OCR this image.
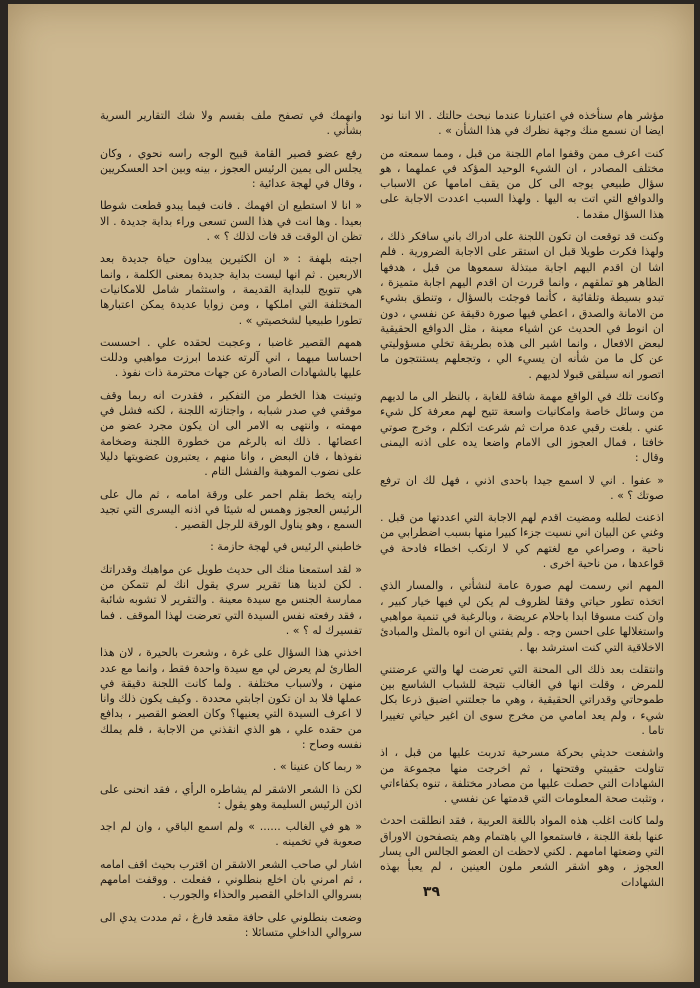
مؤشر هام سنأخذه في اعتبارنا عندما نبحث حالتك . الا اننا نود ايضا ان نسمع منك وجهة نظرك في هذا الشأن » .

كنت اعرف ممن وقفوا امام اللجنة من قبل ، ومما سمعته من مختلف المصادر ، ان الشيء الوحيد المؤكد في عملهما ، هو سؤال طبيعي يوجه الى كل من يقف امامها عن الاسباب والدوافع التي اتت به اليها . ولهذا السبب اعددت الاجابة على هذا السؤال مقدما .

وكنت قد توقعت ان تكون اللجنة على ادراك باني سافكر ذلك ، ولهذا فكرت طويلا قبل ان استقر على الاجابة الضرورية . فلم اشا ان اقدم اليهم اجابة مبتذلة سمعوها من قبل ، هدفها الظاهر هو تملقهم ، وانما قررت ان اقدم اليهم اجابة متميزة ، تبدو بسيطة وتلقائية ، كأنما فوجئت بالسؤال ، وتنطق بشيء من الامانة والصدق ، اعطي فيها صورة دقيقة عن نفسي ، دون ان انوط في الحديث عن اشياء معينة ، مثل الدوافع الحقيقية لبعض الافعال ، وانما اشير الى هذه بطريقة تخلي مسؤوليتي عن كل ما من شأنه ان يسيء الي ، وتجعلهم يستنتجون ما اتصور انه سيلقى قبولا لديهم .

وكانت تلك في الواقع مهمة شاقة للغاية ، بالنظر الى ما لديهم من وسائل خاصة وامكانيات واسعة تتيح لهم معرفة كل شيء عني . بلغت رقبي عدة مرات ثم شرعت اتكلم ، وخرج صوتي خافتا ، فمال العجوز الى الامام واضعا يده على اذنه اليمنى وقال :

« عفوا . اني لا اسمع جيدا باحدى اذني ، فهل لك ان ترفع صوتك ؟ » .

اذعنت لطلبه ومضيت اقدم لهم الاجابة التي اعددتها من قبل . وغني عن البيان اني نسيت جزءا كبيرا منها بسبب اضطرابي من ناحية ، وصراعي مع لغتهم كي لا ارتكب اخطاء فادحة في قواعدها ، من ناحية اخرى .

المهم اني رسمت لهم صورة عامة لنشأتي ، والمسار الذي اتخذه تطور حياتي وفقا لظروف لم يكن لي فيها خيار كبير ، وان كنت مسوقا ابدا باحلام عريضة ، وبالرغبة في تنمية مواهبي واستغلالها على احسن وجه . ولم يفتني ان انوه بالمثل والمبادئ الاخلاقية التي كنت استرشد بها .

وانتقلت بعد ذلك الى المحنة التي تعرضت لها والتي عرضتني للمرض ، وقلت انها في الغالب نتيجة للشباب الشاسع بين طموحاتي وقدراتي الحقيقية ، وهي ما جعلتني اضيق ذرعا بكل شيء ، ولم يعد امامي من مخرج سوى ان اغير حياتي تغييرا تاما .

واشفعت حديثي بحركة مسرحية تدربت عليها من قبل ، اذ تناولت حقيبتي وفتحتها ، ثم اخرجت منها مجموعة من الشهادات التي حصلت عليها من مصادر مختلفة ، تنوه بكفاءاتي ، وتثبت صحة المعلومات التي قدمتها عن نفسي .

ولما كانت اغلب هذه المواد باللغة العربية ، فقد انطلقت احدث عنها بلغة اللجنة ، فاستمعوا الي باهتمام وهم يتصفحون الاوراق التي وضعتها امامهم . لكني لاحظت ان العضو الجالس الى يسار العجوز ، وهو اشقر الشعر ملون العينين ، لم يعبأ بهذه الشهادات

وانهمك في تصفح ملف بقسم ولا شك التقارير السرية بشأني .

رفع عضو قصير القامة قبيح الوجه راسه نحوي ، وكان يجلس الى يمين الرئيس العجوز ، بينه وبين احد العسكريين ، وقال في لهجة عدائية :

« انا لا استطيع ان افهمك . فانت فيما يبدو قطعت شوطا بعيدا . وها انت في هذا السن تسعى وراء بداية جديدة . الا تظن ان الوقت قد فات لذلك ؟ » .

اجبته بلهفة : « ان الكثيرين يبداون حياة جديدة بعد الاربعين . ثم انها ليست بداية جديدة بمعنى الكلمة ، وانما هي تتويج للبداية القديمة ، واستثمار شامل للامكانيات المختلفة التي املكها ، ومن زوايا عديدة يمكن اعتبارها تطورا طبيعيا لشخصيتي » .

همهم القصير غاضبا ، وعجبت لحقده علي . احسست احساسا مبهما ، اني آلرته عندما ابرزت مواهبي ودللت عليها بالشهادات الصادرة عن جهات محترمة ذات نفوذ .

وتبينت هذا الخطر من التفكير ، فقدرت انه ربما وقف موقفي في صدر شبابه ، واجتازته اللجنة ، لكنه فشل في مهمته ، وانتهى به الامر الى ان يكون مجرد عضو من اعضائها . ذلك انه بالرغم من خطورة اللجنة وضخامة نفوذها ، فان البعض ، وانا منهم ، يعتبرون عضويتها دليلا على نضوب الموهبة والفشل التام .

رايته يخط بقلم احمر على ورقة امامه ، ثم مال على الرئيس العجوز وهمس له شيئا في اذنه اليسرى التي تجيد السمع ، وهو يناول الورقة للرجل القصير .

خاطبني الرئيس في لهجة حازمة :

« لقد استمعنا منك الى حديث طويل عن مواهبك وقدراتك . لكن لدينا هنا تقرير سري يقول انك لم تتمكن من ممارسة الجنس مع سيدة معينة . والتقرير لا تشوبه شائبة ، فقد رفعته نفس السيدة التي تعرضت لهذا الموقف . فما تفسيرك له ؟ » .

اخذني هذا السؤال على غرة ، وشعرت بالحيرة ، لان هذا الطارئ لم يعرض لي مع سيدة واحدة فقط ، وانما مع عدد منهن ، ولاسباب مختلفة . ولما كانت اللجنة دقيقة في عملها فلا بد ان تكون اجابتي محددة . وكيف يكون ذلك وانا لا اعرف السيدة التي يعنيها؟ وكان العضو القصير ، بدافع من حقده علي ، هو الذي انقذني من الاجابة ، فلم يملك نفسه وصاح :

« ربما كان عنينا » .

لكن ذا الشعر الاشقر لم يشاطره الرأي ، فقد انحنى على اذن الرئيس السليمة وهو يقول :

« هو في الغالب ...... » ولم اسمع الباقي ، وان لم اجد صعوبة في تخمينه .

اشار لي صاحب الشعر الاشقر ان اقترب بحيث اقف امامه ، ثم امرني بان اخلع بنطلوني ، ففعلت . ووقفت امامهم بسروالي الداخلي القصير والحذاء والجورب .

وضعت بنطلوني على حافة مقعد فارغ ، ثم مددت يدي الى سروالي الداخلي متسائلا :

٣٩
